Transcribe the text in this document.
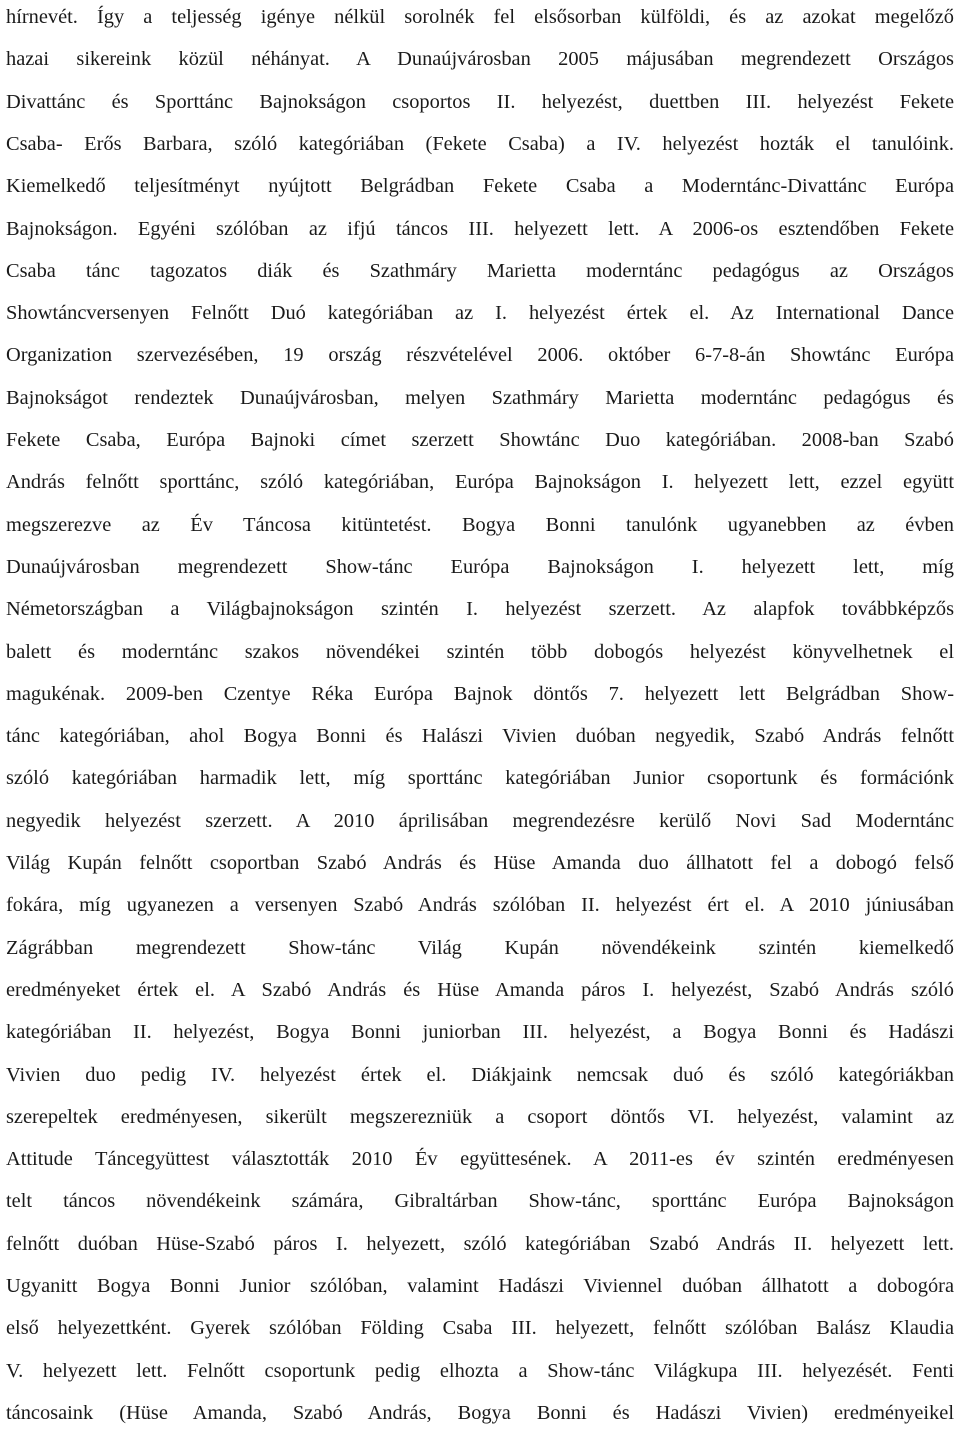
hírnevét. Így a teljesség igénye nélkül sorolnék fel elsősorban külföldi, és az azokat megelőző
hazai sikereink közül néhányat. A Dunaújvárosban 2005 májusában megrendezett Országos
Divattánc és Sporttánc Bajnokságon csoportos II. helyezést, duettben III. helyezést Fekete
Csaba- Erős Barbara, szóló kategóriában (Fekete Csaba) a IV. helyezést hozták el tanulóink.
Kiemelkedő teljesítményt nyújtott Belgrádban Fekete Csaba a Moderntánc-Divattánc Európa
Bajnokságon. Egyéni szólóban az ifjú táncos III. helyezett lett. A 2006-os esztendőben Fekete
Csaba tánc tagozatos diák és Szathmáry Marietta moderntánc pedagógus az Országos
Showtáncversenyen Felnőtt Duó kategóriában az I. helyezést értek el. Az International Dance
Organization szervezésében, 19 ország részvételével 2006. október 6-7-8-án Showtánc Európa
Bajnokságot rendeztek Dunaújvárosban, melyen Szathmáry Marietta moderntánc pedagógus és
Fekete Csaba, Európa Bajnoki címet szerzett Showtánc Duo kategóriában. 2008-ban Szabó
András felnőtt sporttánc, szóló kategóriában, Európa Bajnokságon I. helyezett lett, ezzel együtt
megszerezve az Év Táncosa kitüntetést. Bogya Bonni tanulónk ugyanebben az évben
Dunaújvárosban megrendezett Show-tánc Európa Bajnokságon I. helyezett lett, míg
Németországban a Világbajnokságon szintén I. helyezést szerzett. Az alapfok továbbképzős
balett és moderntánc szakos növendékei szintén több dobogós helyezést könyvelhetnek el
magukénak. 2009-ben Czentye Réka Európa Bajnok döntős 7. helyezett lett Belgrádban Show-
tánc kategóriában, ahol Bogya Bonni és Halászi Vivien duóban negyedik, Szabó András felnőtt
szóló kategóriában harmadik lett, míg sporttánc kategóriában Junior csoportunk és formációnk
negyedik helyezést szerzett. A 2010 áprilisában megrendezésre kerülő Novi Sad Moderntánc
Világ Kupán felnőtt csoportban Szabó András és Hüse Amanda duo állhatott fel a dobogó felső
fokára, míg ugyanezen a versenyen Szabó András szólóban II. helyezést ért el. A 2010 júniusában
Zágrábban megrendezett Show-tánc Világ Kupán növendékeink szintén kiemelkedő
eredményeket értek el. A Szabó András és Hüse Amanda páros I. helyezést, Szabó András szóló
kategóriában II. helyezést, Bogya Bonni juniorban III. helyezést, a Bogya Bonni és Hadászi
Vivien duo pedig IV. helyezést értek el. Diákjaink nemcsak duó és szóló kategóriákban
szerepeltek eredményesen, sikerült megszerezniük a csoport döntős VI. helyezést, valamint az
Attitude Táncegyüttest választották 2010 Év együttesének. A 2011-es év szintén eredményesen
telt táncos növendékeink számára, Gibraltárban Show-tánc, sporttánc Európa Bajnokságon
felnőtt duóban Hüse-Szabó páros I. helyezett, szóló kategóriában Szabó András II. helyezett lett.
Ugyanitt Bogya Bonni Junior szólóban, valamint Hadászi Viviennel duóban állhatott a dobogóra
első helyezettként. Gyerek szólóban Földing Csaba III. helyezett, felnőtt szólóban Balász Klaudia
V. helyezett lett. Felnőtt csoportunk pedig elhozta a Show-tánc Világkupa III. helyezését. Fenti
táncosaink (Hüse Amanda, Szabó András, Bogya Bonni és Hadászi Vivien) eredményeikel
